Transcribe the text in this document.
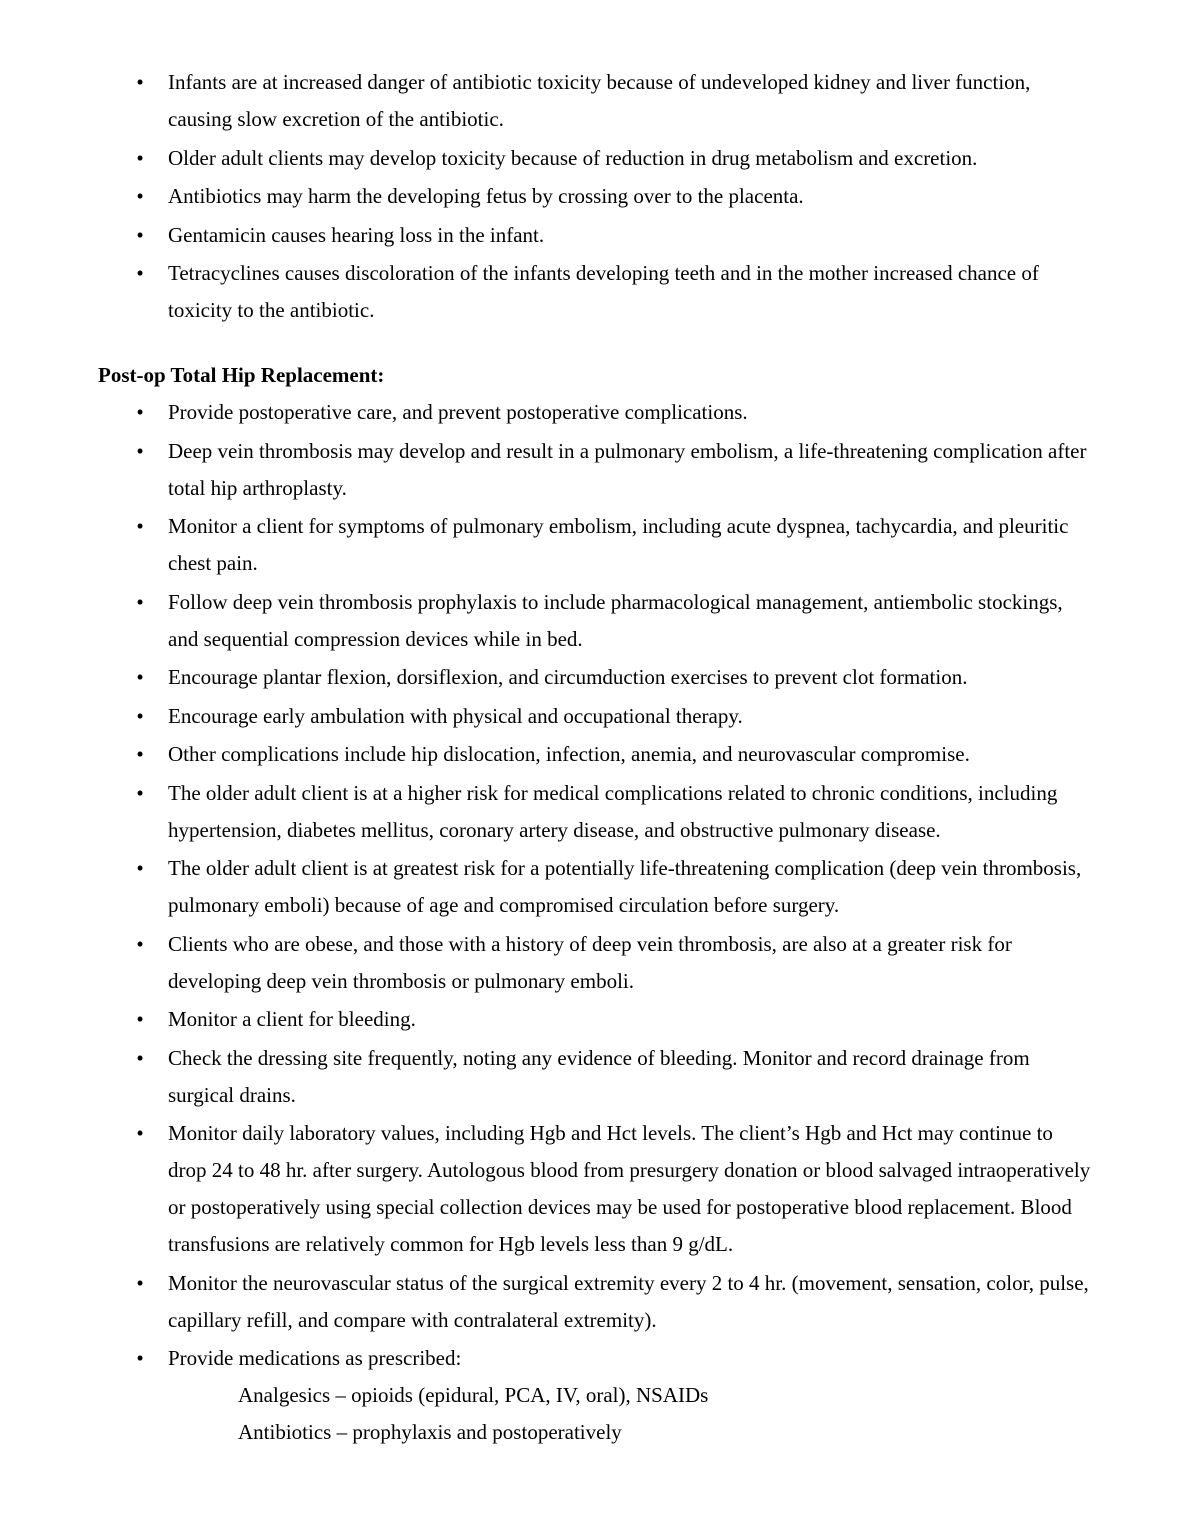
• Infants are at increased danger of antibiotic toxicity because of undeveloped kidney and liver function, causing slow excretion of the antibiotic.
• Older adult clients may develop toxicity because of reduction in drug metabolism and excretion.
• Antibiotics may harm the developing fetus by crossing over to the placenta.
• Gentamicin causes hearing loss in the infant.
• Tetracyclines causes discoloration of the infants developing teeth and in the mother increased chance of toxicity to the antibiotic.

Post-op Total Hip Replacement:

• Provide postoperative care, and prevent postoperative complications.
• Deep vein thrombosis may develop and result in a pulmonary embolism, a life-threatening complication after total hip arthroplasty.
• Monitor a client for symptoms of pulmonary embolism, including acute dyspnea, tachycardia, and pleuritic chest pain.
• Follow deep vein thrombosis prophylaxis to include pharmacological management, antiembolic stockings, and sequential compression devices while in bed.
• Encourage plantar flexion, dorsiflexion, and circumduction exercises to prevent clot formation.
• Encourage early ambulation with physical and occupational therapy.
• Other complications include hip dislocation, infection, anemia, and neurovascular compromise.
• The older adult client is at a higher risk for medical complications related to chronic conditions, including hypertension, diabetes mellitus, coronary artery disease, and obstructive pulmonary disease.
• The older adult client is at greatest risk for a potentially life-threatening complication (deep vein thrombosis, pulmonary emboli) because of age and compromised circulation before surgery.
• Clients who are obese, and those with a history of deep vein thrombosis, are also at a greater risk for developing deep vein thrombosis or pulmonary emboli.
• Monitor a client for bleeding.
• Check the dressing site frequently, noting any evidence of bleeding. Monitor and record drainage from surgical drains.
• Monitor daily laboratory values, including Hgb and Hct levels. The client’s Hgb and Hct may continue to drop 24 to 48 hr. after surgery. Autologous blood from presurgery donation or blood salvaged intraoperatively or postoperatively using special collection devices may be used for postoperative blood replacement. Blood transfusions are relatively common for Hgb levels less than 9 g/dL.
• Monitor the neurovascular status of the surgical extremity every 2 to 4 hr. (movement, sensation, color, pulse, capillary refill, and compare with contralateral extremity).
• Provide medications as prescribed:
Analgesics – opioids (epidural, PCA, IV, oral), NSAIDs
Antibiotics – prophylaxis and postoperatively
